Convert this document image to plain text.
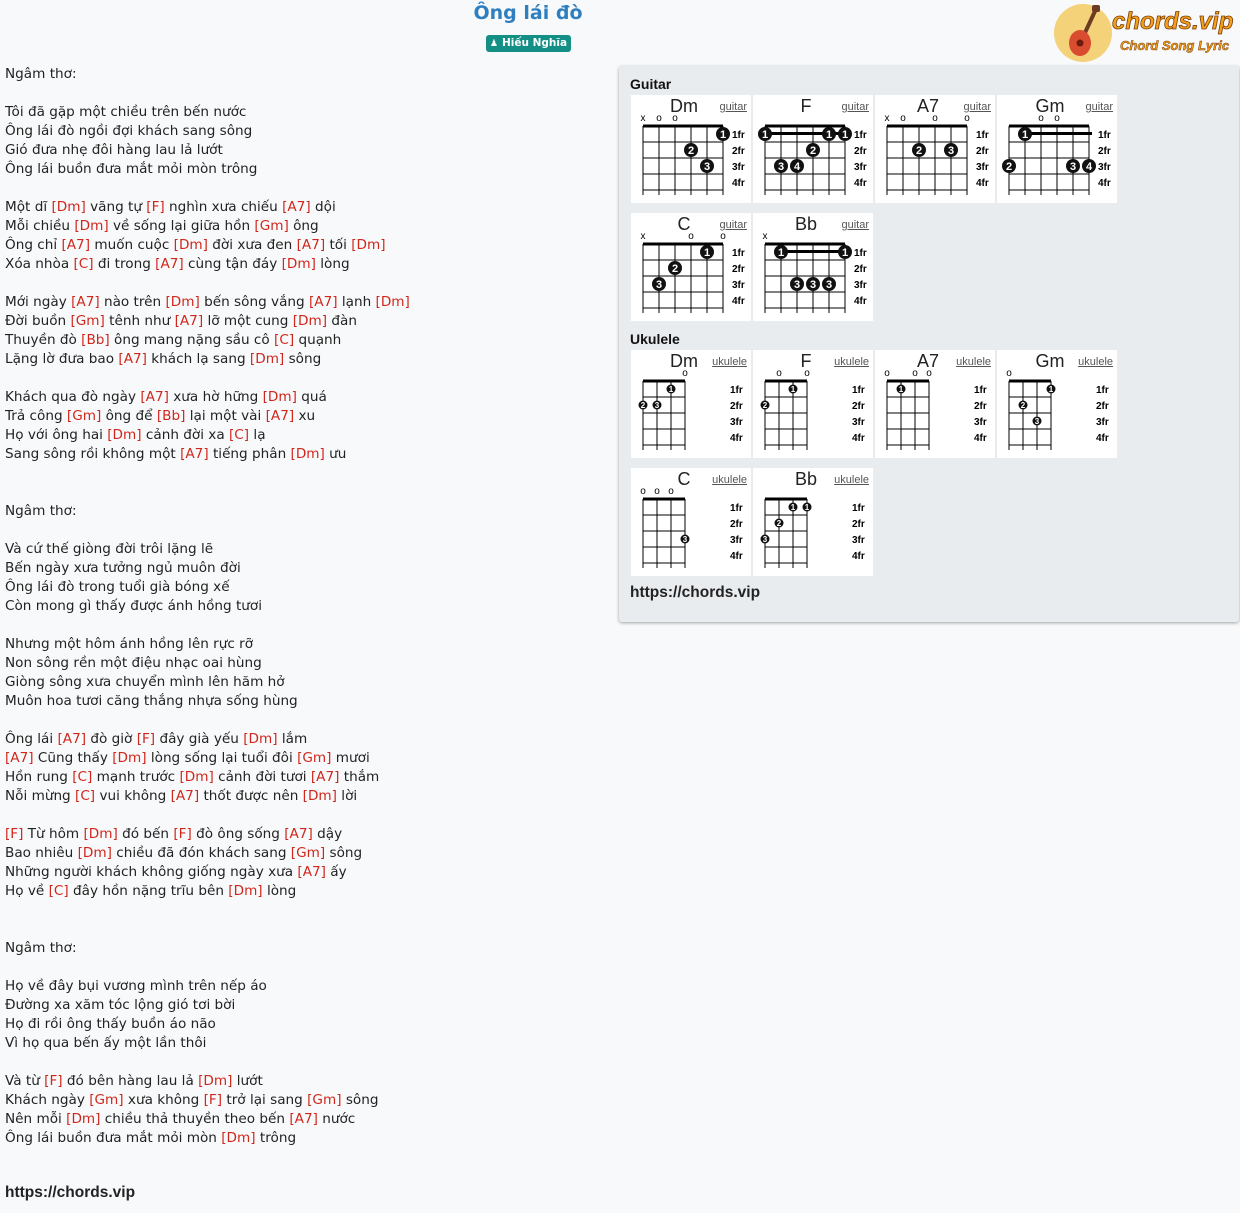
Ông lái đò
♟ Hiếu Nghĩa
chords.vip
Chord Song Lyric
Ngâm thơ:
Tôi đã gặp một chiều trên bến nước
Ông lái đò ngồi đợi khách sang sông
Gió đưa nhẹ đôi hàng lau lả lướt
Ông lái buồn đưa mắt mỏi mòn trông
Một dĩ [Dm] vãng tự [F] nghìn xưa chiếu [A7] dội
Mỗi chiều [Dm] về sống lại giữa hồn [Gm] ông
Ông chỉ [A7] muốn cuộc [Dm] đời xưa đen [A7] tối [Dm]
Xóa nhòa [C] đi trong [A7] cùng tận đáy [Dm] lòng
Mới ngày [A7] nào trên [Dm] bến sông vắng [A7] lạnh [Dm]
Đời buồn [Gm] tênh như [A7] lỡ một cung [Dm] đàn
Thuyền đò [Bb] ông mang nặng sầu cô [C] quạnh
Lặng lờ đưa bao [A7] khách lạ sang [Dm] sông
Khách qua đò ngày [A7] xưa hờ hững [Dm] quá
Trả công [Gm] ông để [Bb] lại một vài [A7] xu
Họ với ông hai [Dm] cảnh đời xa [C] lạ
Sang sông rồi không một [A7] tiếng phân [Dm] ưu
Ngâm thơ:
Và cứ thế giòng đời trôi lặng lẽ
Bến ngày xưa tưởng ngủ muôn đời
Ông lái đò trong tuổi già bóng xế
Còn mong gì thấy được ánh hồng tươi
Nhưng một hôm ánh hồng lên rực rỡ
Non sông rền một điệu nhạc oai hùng
Giòng sông xưa chuyển mình lên hăm hở
Muôn hoa tươi căng thắng nhựa sống hùng
Ông lái [A7] đò giờ [F] đây già yếu [Dm] lắm
[A7] Cũng thấy [Dm] lòng sống lại tuổi đôi [Gm] mươi
Hồn rung [C] mạnh trước [Dm] cảnh đời tươi [A7] thắm
Nỗi mừng [C] vui không [A7] thốt được nên [Dm] lời
[F] Từ hôm [Dm] đó bến [F] đò ông sống [A7] dậy
Bao nhiêu [Dm] chiều đã đón khách sang [Gm] sông
Những người khách không giống ngày xưa [A7] ấy
Họ về [C] đây hồn nặng trĩu bên [Dm] lòng
Ngâm thơ:
Họ về đây bụi vương mình trên nếp áo
Đường xa xăm tóc lộng gió tơi bời
Họ đi rồi ông thấy buồn áo não
Vì họ qua bến ấy một lần thôi
Và từ [F] đó bên hàng lau lả [Dm] lướt
Khách ngày [Gm] xưa không [F] trở lại sang [Gm] sông
Nên mỗi [Dm] chiều thả thuyền theo bến [A7] nước
Ông lái buồn đưa mắt mỏi mòn [Dm] trông
https://chords.vip
Guitar
Ukulele
Dm	guitar
1fr
2fr
3fr
4fr
x o o
1
2
3
F	guitar
1fr
2fr
3fr
4fr
1	1 1
2
3 4
A7	guitar
1fr
2fr
3fr
4fr
x o	o	o
2 3
Gm	guitar
1fr
2fr
3fr
4fr
o o
1
2	3 4
C	guitar
1fr
2fr
3fr
4fr
x	o	o
1
2
3
Bb	guitar
1fr
2fr
3fr
4fr
x
1	1
3 3 3
Dm	ukulele
1fr
2fr
3fr
4fr
o
2 3
1
F	ukulele
1fr
2fr
3fr
4fr
o o
2
1
A7	ukulele
1fr
2fr
3fr
4fr
o o o
1
Gm	ukulele
1fr
2fr
3fr
4fr
o
2
3
1
C	ukulele
1fr
2fr
3fr
4fr
o o o
3
Bb	ukulele
1fr
2fr
3fr
4fr
2
3
1 1
https://chords.vip
